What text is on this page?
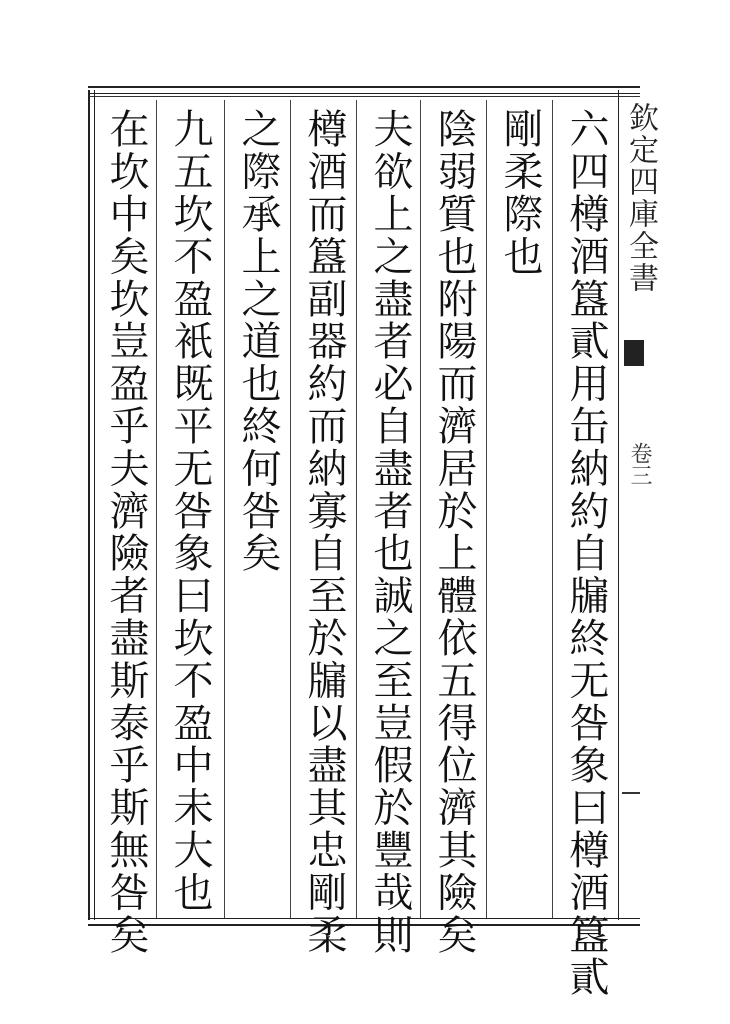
六四樽酒簋貳用缶納約自牖終无咎象曰樽酒簋貳
剛柔際也
陰弱質也附陽而濟居於上體依五得位濟其險矣
夫欲上之盡者必自盡者也誠之至豈假於豐哉則
樽酒而簋副器約而納寡自至於牖以盡其忠剛柔
之際承上之道也終何咎矣
九五坎不盈衹既平无咎象曰坎不盈中未大也
在坎中矣坎豈盈乎夫濟險者盡斯泰乎斯無咎矣	欽定四庫全書
卷三
